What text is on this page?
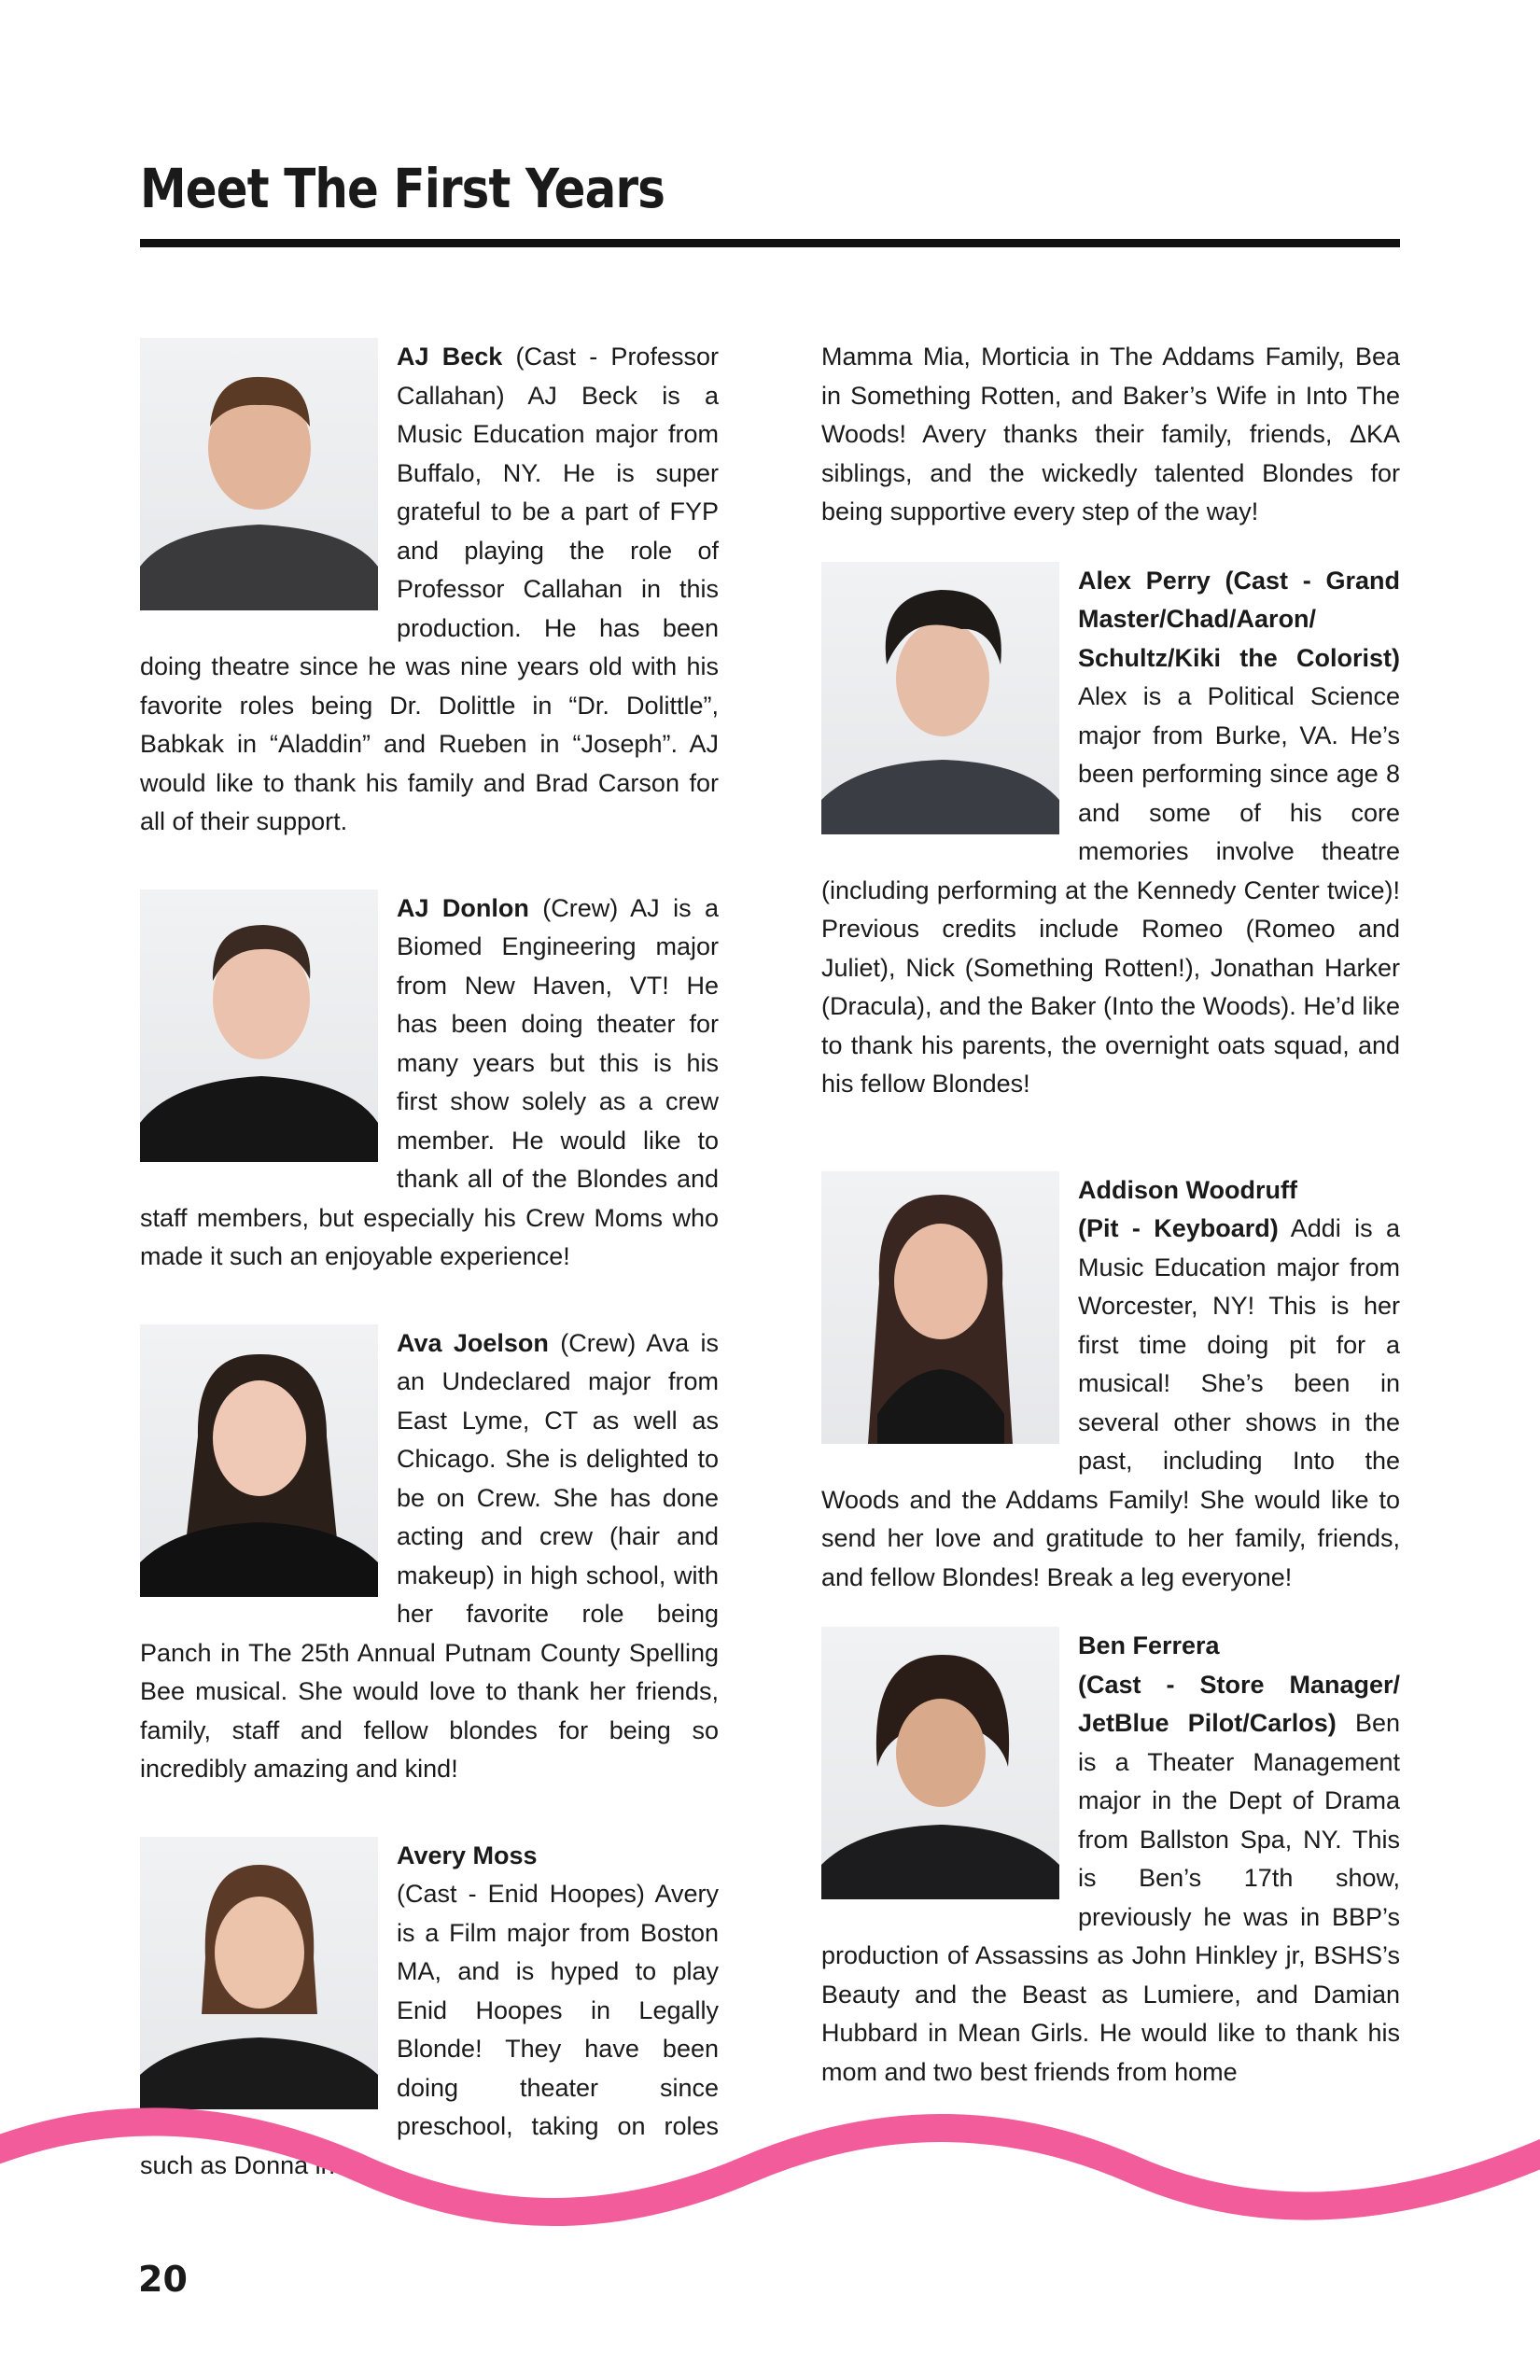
Meet The First Years

AJ Beck (Cast - Professor Callahan) AJ Beck is a Music Education major from Buffalo, NY. He is super grateful to be a part of FYP and playing the role of Professor Callahan in this production. He has been doing theatre since he was nine years old with his favorite roles being Dr. Dolittle in “Dr. Dolittle”, Babkak in “Aladdin” and Rueben in “Joseph”. AJ would like to thank his family and Brad Carson for all of their support.

AJ Donlon (Crew) AJ is a Biomed Engineering major from New Haven, VT! He has been doing theater for many years but this is his first show solely as a crew member. He would like to thank all of the Blondes and staff members, but especially his Crew Moms who made it such an enjoyable experience!

Ava Joelson (Crew) Ava is an Undeclared major from East Lyme, CT as well as Chicago. She is delighted to be on Crew. She has done acting and crew (hair and makeup) in high school, with her favorite role being Panch in The 25th Annual Putnam County Spelling Bee musical. She would love to thank her friends, family, staff and fellow blondes for being so incredibly amazing and kind!

Avery Moss
(Cast - Enid Hoopes) Avery is a Film major from Boston MA, and is hyped to play Enid Hoopes in Legally Blonde! They have been doing theater since preschool, taking on roles such as Donna in

Mamma Mia, Morticia in The Addams Family, Bea in Something Rotten, and Baker’s Wife in Into The Woods! Avery thanks their family, friends, ΔKA siblings, and the wickedly talented Blondes for being supportive every step of the way!

Alex Perry (Cast - Grand Master/Chad/Aaron/ Schultz/Kiki the Colorist) Alex is a Political Science major from Burke, VA. He’s been performing since age 8 and some of his core memories involve theatre (including performing at the Kennedy Center twice)! Previous credits include Romeo (Romeo and Juliet), Nick (Something Rotten!), Jonathan Harker (Dracula), and the Baker (Into the Woods). He’d like to thank his parents, the overnight oats squad, and his fellow Blondes!

Addison Woodruff
(Pit - Keyboard) Addi is a Music Education major from Worcester, NY! This is her first time doing pit for a musical! She’s been in several other shows in the past, including Into the Woods and the Addams Family! She would like to send her love and gratitude to her family, friends, and fellow Blondes! Break a leg everyone!

Ben Ferrera
(Cast - Store Manager/ JetBlue Pilot/Carlos) Ben is a Theater Management major in the Dept of Drama from Ballston Spa, NY. This is Ben’s 17th show, previously he was in BBP’s production of Assassins as John Hinkley jr, BSHS’s Beauty and the Beast as Lumiere, and Damian Hubbard in Mean Girls. He would like to thank his mom and two best friends from home

20
